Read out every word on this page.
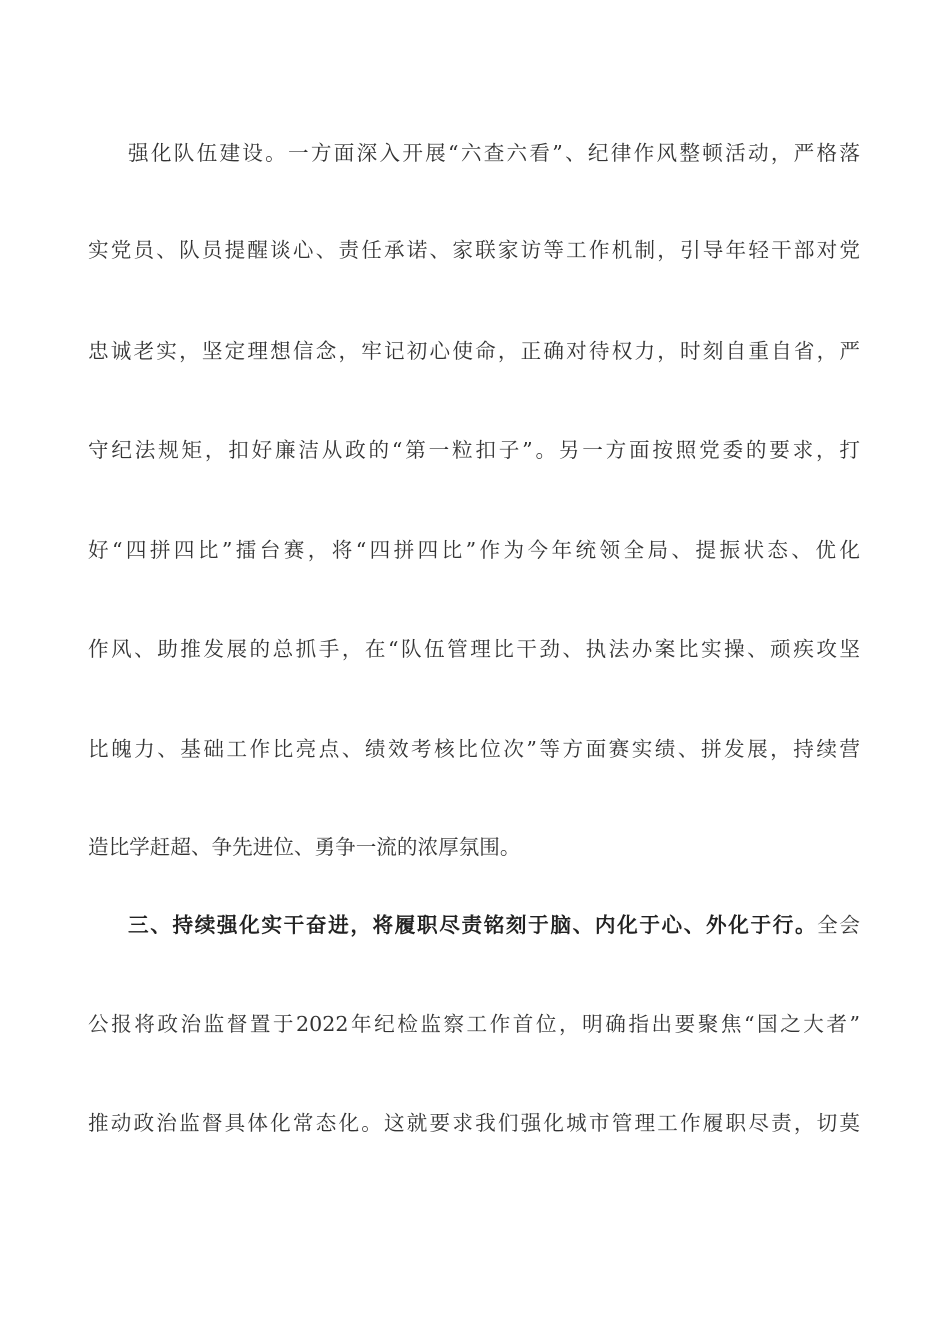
强化队伍建设。一方面深入开展“六查六看”、纪律作风整顿活动，严格落
实党员、队员提醒谈心、责任承诺、家联家访等工作机制，引导年轻干部对党
忠诚老实，坚定理想信念，牢记初心使命，正确对待权力，时刻自重自省，严
守纪法规矩，扣好廉洁从政的“第一粒扣子”。另一方面按照党委的要求，打
好“四拼四比”擂台赛，将“四拼四比”作为今年统领全局、提振状态、优化
作风、助推发展的总抓手，在“队伍管理比干劲、执法办案比实操、顽疾攻坚
比魄力、基础工作比亮点、绩效考核比位次”等方面赛实绩、拼发展，持续营
造比学赶超、争先进位、勇争一流的浓厚氛围。
三、持续强化实干奋进，将履职尽责铭刻于脑、内化于心、外化于行。全会
公报将政治监督置于2022年纪检监察工作首位，明确指出要聚焦“国之大者”
推动政治监督具体化常态化。这就要求我们强化城市管理工作履职尽责，切莫
